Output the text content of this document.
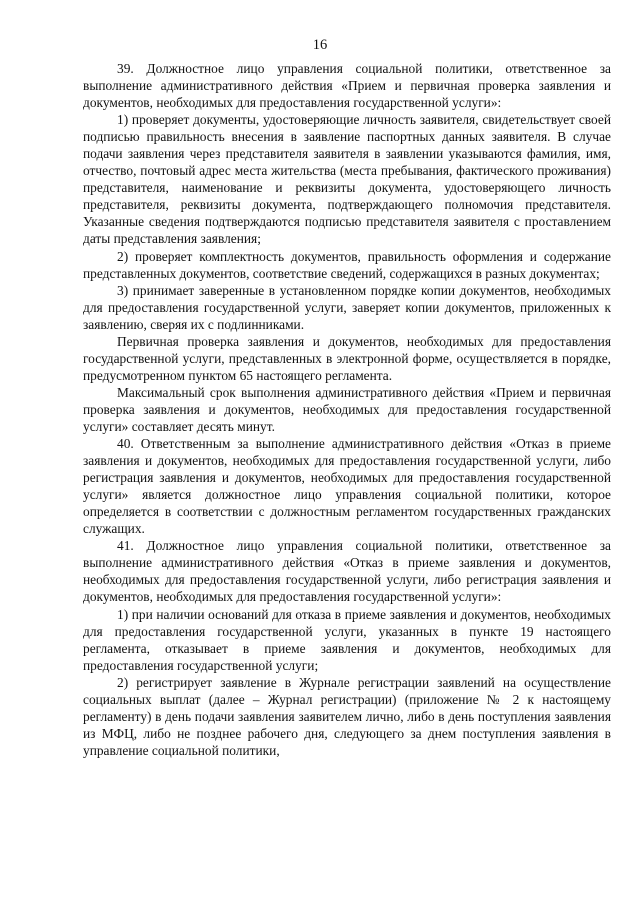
16

39. Должностное лицо управления социальной политики, ответственное за выполнение административного действия «Прием и первичная проверка заявления и документов, необходимых для предоставления государственной услуги»:

1) проверяет документы, удостоверяющие личность заявителя, свидетельствует своей подписью правильность внесения в заявление паспортных данных заявителя. В случае подачи заявления через представителя заявителя в заявлении указываются фамилия, имя, отчество, почтовый адрес места жительства (места пребывания, фактического проживания) представителя, наименование и реквизиты документа, удостоверяющего личность представителя, реквизиты документа, подтверждающего полномочия представителя. Указанные сведения подтверждаются подписью представителя заявителя с проставлением даты представления заявления;

2) проверяет комплектность документов, правильность оформления и содержание представленных документов, соответствие сведений, содержащихся в разных документах;

3) принимает заверенные в установленном порядке копии документов, необходимых для предоставления государственной услуги, заверяет копии документов, приложенных к заявлению, сверяя их с подлинниками.

Первичная проверка заявления и документов, необходимых для предоставления государственной услуги, представленных в электронной форме, осуществляется в порядке, предусмотренном пунктом 65 настоящего регламента.

Максимальный срок выполнения административного действия «Прием и первичная проверка заявления и документов, необходимых для предоставления государственной услуги» составляет десять минут.

40. Ответственным за выполнение административного действия «Отказ в приеме заявления и документов, необходимых для предоставления государственной услуги, либо регистрация заявления и документов, необходимых для предоставления государственной услуги» является должностное лицо управления социальной политики, которое определяется в соответствии с должностным регламентом государственных гражданских служащих.

41. Должностное лицо управления социальной политики, ответственное за выполнение административного действия «Отказ в приеме заявления и документов, необходимых для предоставления государственной услуги, либо регистрация заявления и документов, необходимых для предоставления государственной услуги»:

1) при наличии оснований для отказа в приеме заявления и документов, необходимых для предоставления государственной услуги, указанных в пункте 19 настоящего регламента, отказывает в приеме заявления и документов, необходимых для предоставления государственной услуги;

2) регистрирует заявление в Журнале регистрации заявлений на осуществление социальных выплат (далее – Журнал регистрации) (приложение № 2 к настоящему регламенту) в день подачи заявления заявителем лично, либо в день поступления заявления из МФЦ, либо не позднее рабочего дня, следующего за днем поступления заявления в управление социальной политики,
